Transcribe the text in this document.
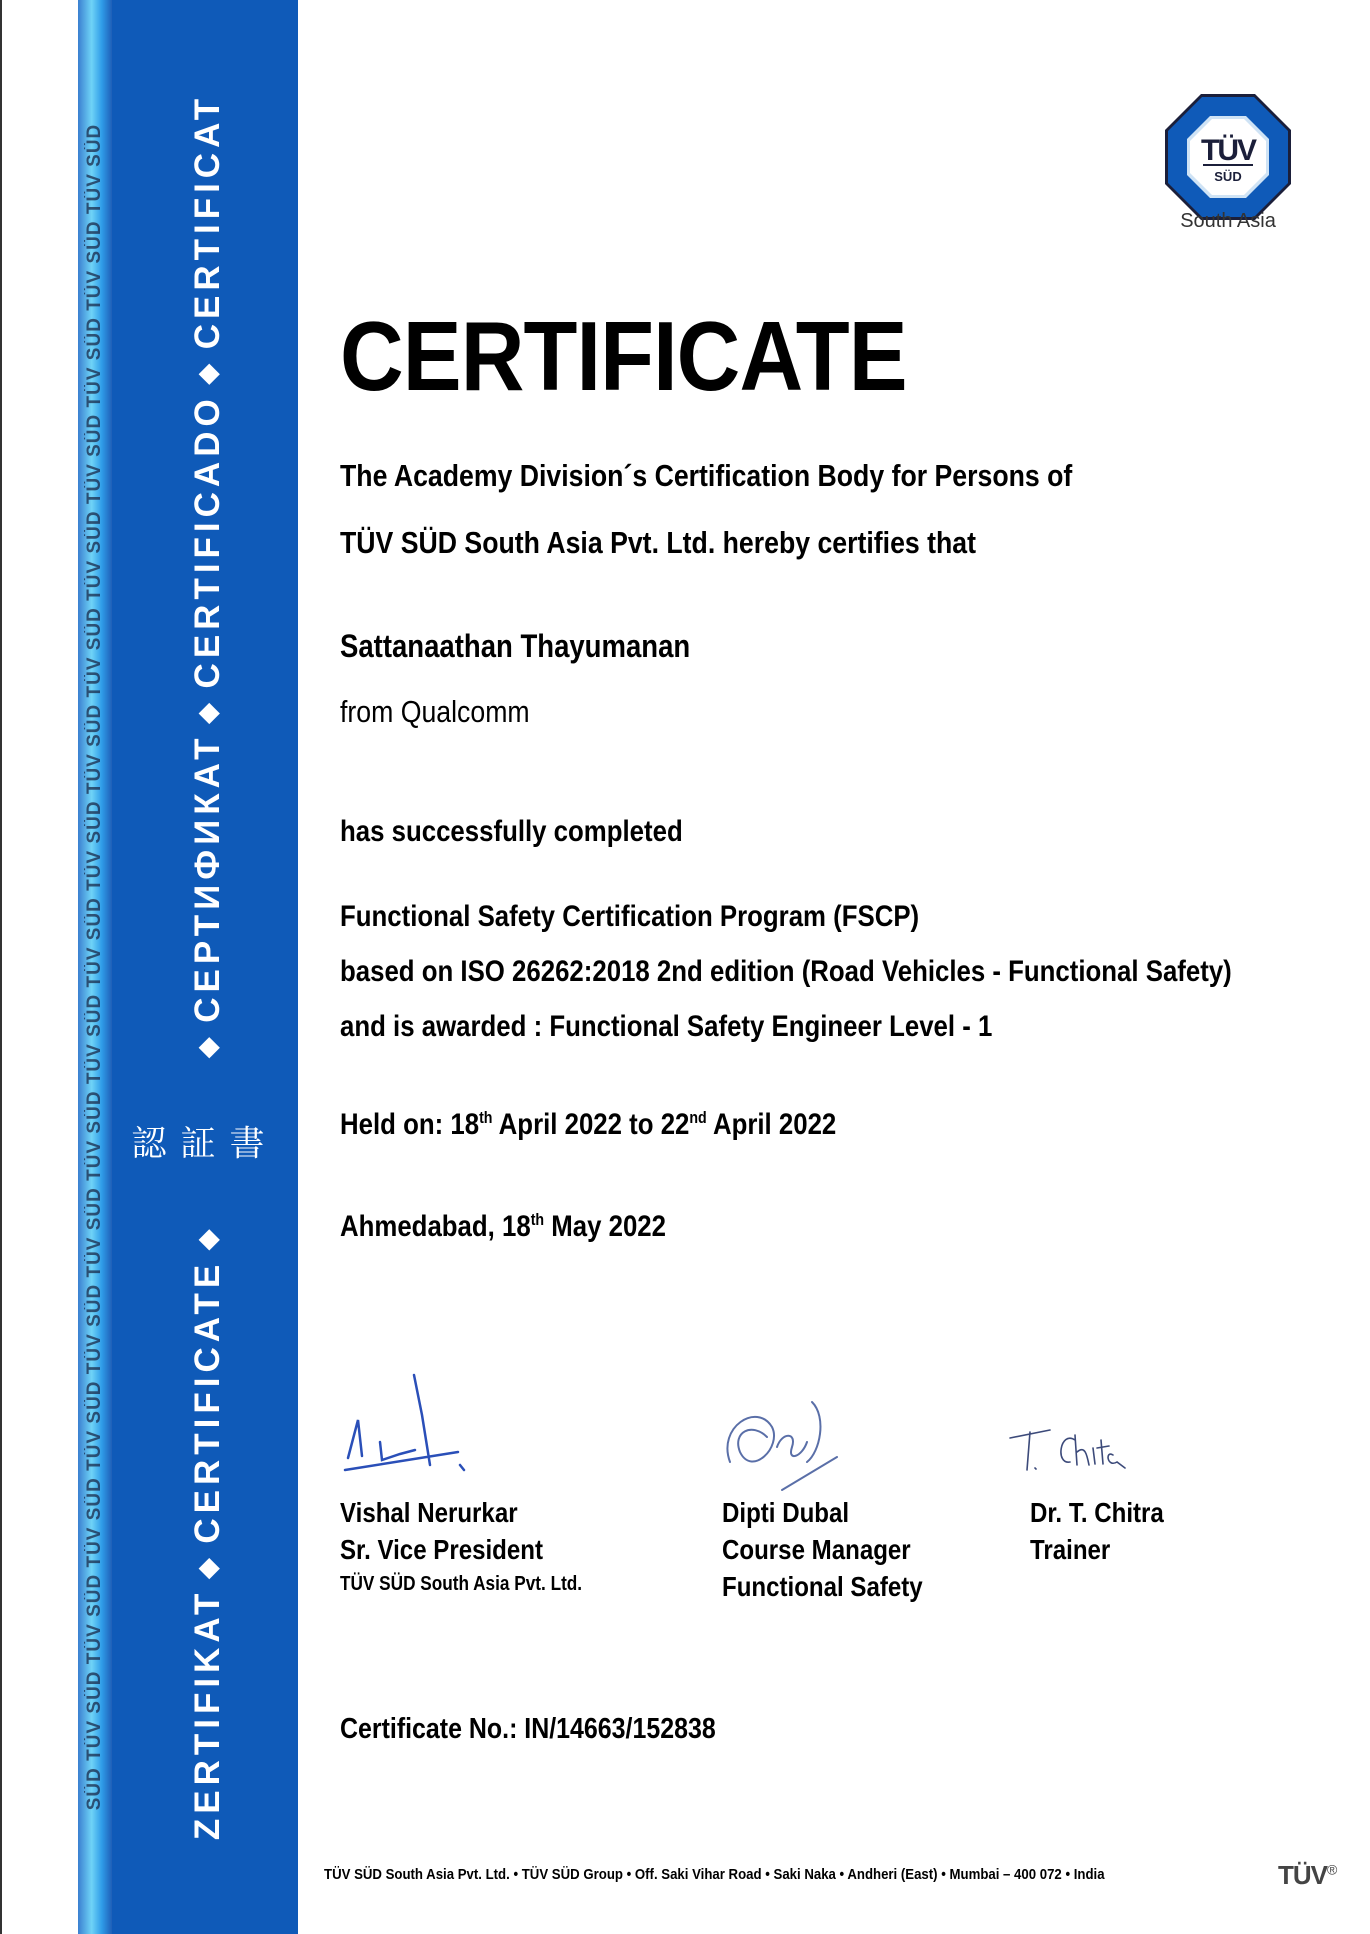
SÜD TÜV SÜD TÜV SÜD TÜV SÜD TÜV SÜD TÜV SÜD TÜV SÜD TÜV SÜD TÜV SÜD TÜV SÜD TÜV SÜD TÜV SÜD TÜV SÜD TÜV SÜD TÜV SÜD TÜV SÜD TÜV SÜD TÜV SÜD ZERTIFIKAT◆CERTIFICATE◆認証書◆СЕРТИФИКАТ◆CERTIFICADO◆CERTIFICAT	TÜV
SÜD
South Asia
CERTIFICATE
The Academy Division´s Certification Body for Persons of
TÜV SÜD South Asia Pvt. Ltd. hereby certifies that
Sattanaathan Thayumanan
from Qualcomm
has successfully completed
Functional Safety Certification Program (FSCP)
based on ISO 26262:2018 2nd edition (Road Vehicles - Functional Safety)
and is awarded : Functional Safety Engineer Level - 1
Held on: 18th April 2022 to 22nd April 2022
Ahmedabad, 18th May 2022
Vishal Nerurkar
Sr. Vice President
TÜV SÜD South Asia Pvt. Ltd.
Dipti Dubal
Course Manager
Functional Safety
Dr. T. Chitra
Trainer
Certificate No.: IN/14663/152838
TÜV SÜD South Asia Pvt. Ltd. • TÜV SÜD Group • Off. Saki Vihar Road • Saki Naka • Andheri (East) • Mumbai – 400 072 • India	TÜV®
